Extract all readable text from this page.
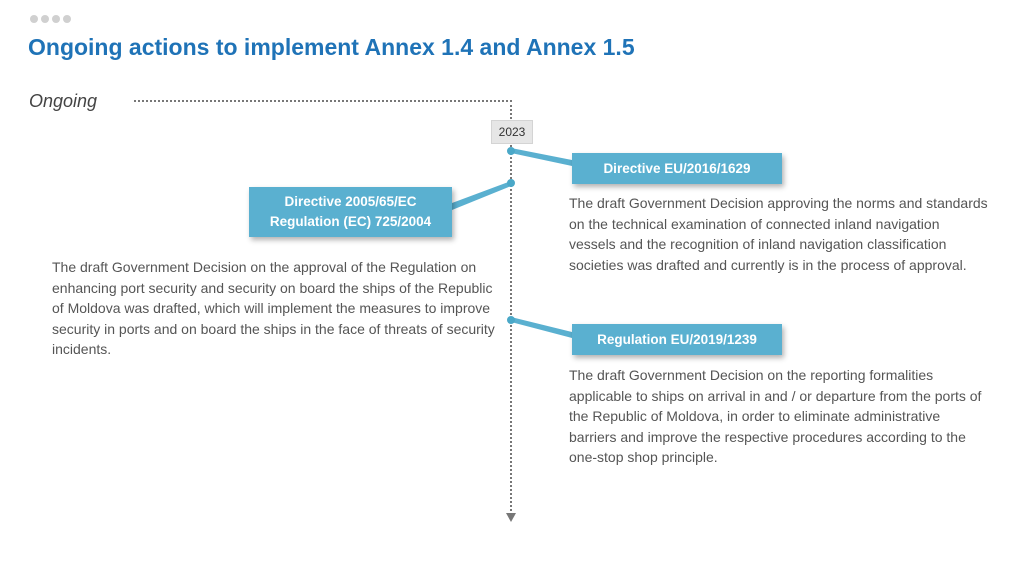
Ongoing actions to implement Annex 1.4 and Annex 1.5
Ongoing
2023
Directive 2005/65/EC
Regulation (EC) 725/2004
Directive EU/2016/1629
Regulation EU/2019/1239
The draft Government Decision on the approval of the Regulation on enhancing port security and security on board the ships of the Republic of Moldova was drafted, which will implement the measures to improve security in ports and on board the ships in the face of threats of security incidents.
The draft Government Decision approving the norms and standards on the technical examination of connected inland navigation vessels and the recognition of inland navigation classification societies was drafted and currently is in the process of approval.
The draft Government Decision on the reporting formalities applicable to ships on arrival in and / or departure from the ports of the Republic of Moldova, in order to eliminate administrative barriers and improve the respective procedures according to the one-stop shop principle.
